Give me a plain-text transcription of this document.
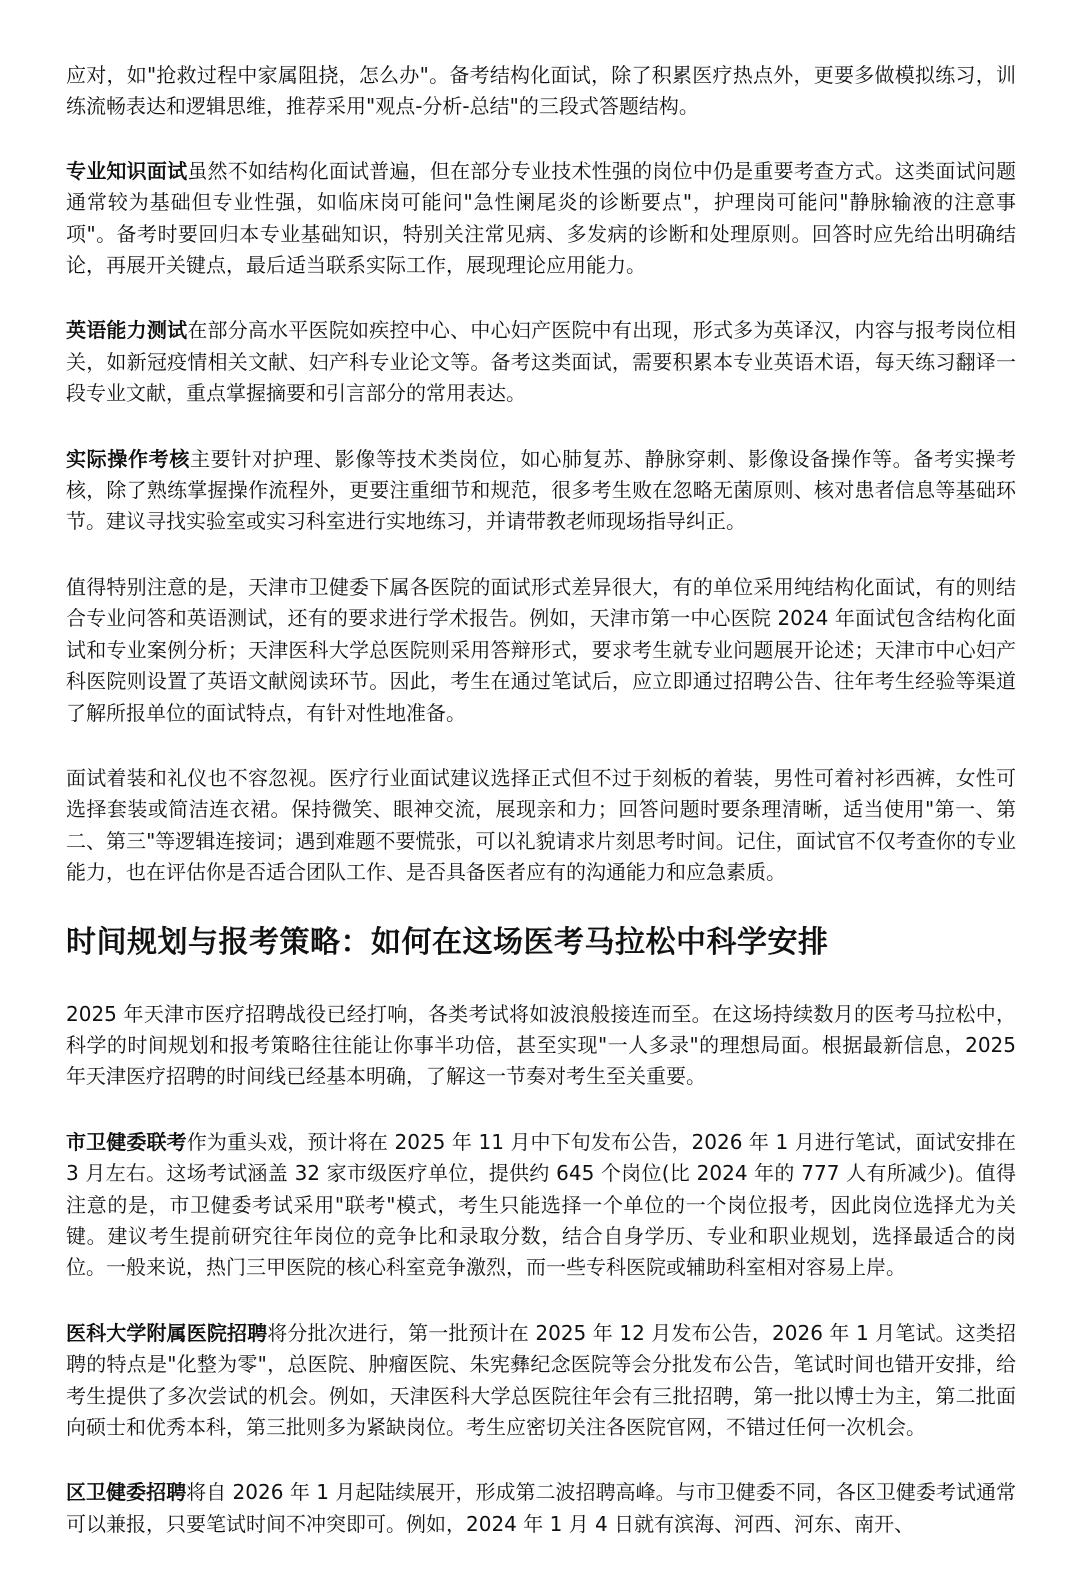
应对，如"抢救过程中家属阻挠，怎么办"。备考结构化面试，除了积累医疗热点外，更要多做模拟练习，训练流畅表达和逻辑思维，推荐采用"观点-分析-总结"的三段式答题结构。

专业知识面试虽然不如结构化面试普遍，但在部分专业技术性强的岗位中仍是重要考查方式。这类面试问题通常较为基础但专业性强，如临床岗可能问"急性阑尾炎的诊断要点"，护理岗可能问"静脉输液的注意事项"。备考时要回归本专业基础知识，特别关注常见病、多发病的诊断和处理原则。回答时应先给出明确结论，再展开关键点，最后适当联系实际工作，展现理论应用能力。

英语能力测试在部分高水平医院如疾控中心、中心妇产医院中有出现，形式多为英译汉，内容与报考岗位相关，如新冠疫情相关文献、妇产科专业论文等。备考这类面试，需要积累本专业英语术语，每天练习翻译一段专业文献，重点掌握摘要和引言部分的常用表达。

实际操作考核主要针对护理、影像等技术类岗位，如心肺复苏、静脉穿刺、影像设备操作等。备考实操考核，除了熟练掌握操作流程外，更要注重细节和规范，很多考生败在忽略无菌原则、核对患者信息等基础环节。建议寻找实验室或实习科室进行实地练习，并请带教老师现场指导纠正。

值得特别注意的是，天津市卫健委下属各医院的面试形式差异很大，有的单位采用纯结构化面试，有的则结合专业问答和英语测试，还有的要求进行学术报告。例如，天津市第一中心医院 2024 年面试包含结构化面试和专业案例分析；天津医科大学总医院则采用答辩形式，要求考生就专业问题展开论述；天津市中心妇产科医院则设置了英语文献阅读环节。因此，考生在通过笔试后，应立即通过招聘公告、往年考生经验等渠道了解所报单位的面试特点，有针对性地准备。

面试着装和礼仪也不容忽视。医疗行业面试建议选择正式但不过于刻板的着装，男性可着衬衫西裤，女性可选择套装或简洁连衣裙。保持微笑、眼神交流，展现亲和力；回答问题时要条理清晰，适当使用"第一、第二、第三"等逻辑连接词；遇到难题不要慌张，可以礼貌请求片刻思考时间。记住，面试官不仅考查你的专业能力，也在评估你是否适合团队工作、是否具备医者应有的沟通能力和应急素质。

时间规划与报考策略：如何在这场医考马拉松中科学安排

2025 年天津市医疗招聘战役已经打响，各类考试将如波浪般接连而至。在这场持续数月的医考马拉松中，科学的时间规划和报考策略往往能让你事半功倍，甚至实现"一人多录"的理想局面。根据最新信息，2025 年天津医疗招聘的时间线已经基本明确，了解这一节奏对考生至关重要。

市卫健委联考作为重头戏，预计将在 2025 年 11 月中下旬发布公告，2026 年 1 月进行笔试，面试安排在 3 月左右。这场考试涵盖 32 家市级医疗单位，提供约 645 个岗位(比 2024 年的 777 人有所减少)。值得注意的是，市卫健委考试采用"联考"模式，考生只能选择一个单位的一个岗位报考，因此岗位选择尤为关键。建议考生提前研究往年岗位的竞争比和录取分数，结合自身学历、专业和职业规划，选择最适合的岗位。一般来说，热门三甲医院的核心科室竞争激烈，而一些专科医院或辅助科室相对容易上岸。

医科大学附属医院招聘将分批次进行，第一批预计在 2025 年 12 月发布公告，2026 年 1 月笔试。这类招聘的特点是"化整为零"，总医院、肿瘤医院、朱宪彝纪念医院等会分批发布公告，笔试时间也错开安排，给考生提供了多次尝试的机会。例如，天津医科大学总医院往年会有三批招聘，第一批以博士为主，第二批面向硕士和优秀本科，第三批则多为紧缺岗位。考生应密切关注各医院官网，不错过任何一次机会。

区卫健委招聘将自 2026 年 1 月起陆续展开，形成第二波招聘高峰。与市卫健委不同，各区卫健委考试通常可以兼报，只要笔试时间不冲突即可。例如，2024 年 1 月 4 日就有滨海、河西、河东、南开、
